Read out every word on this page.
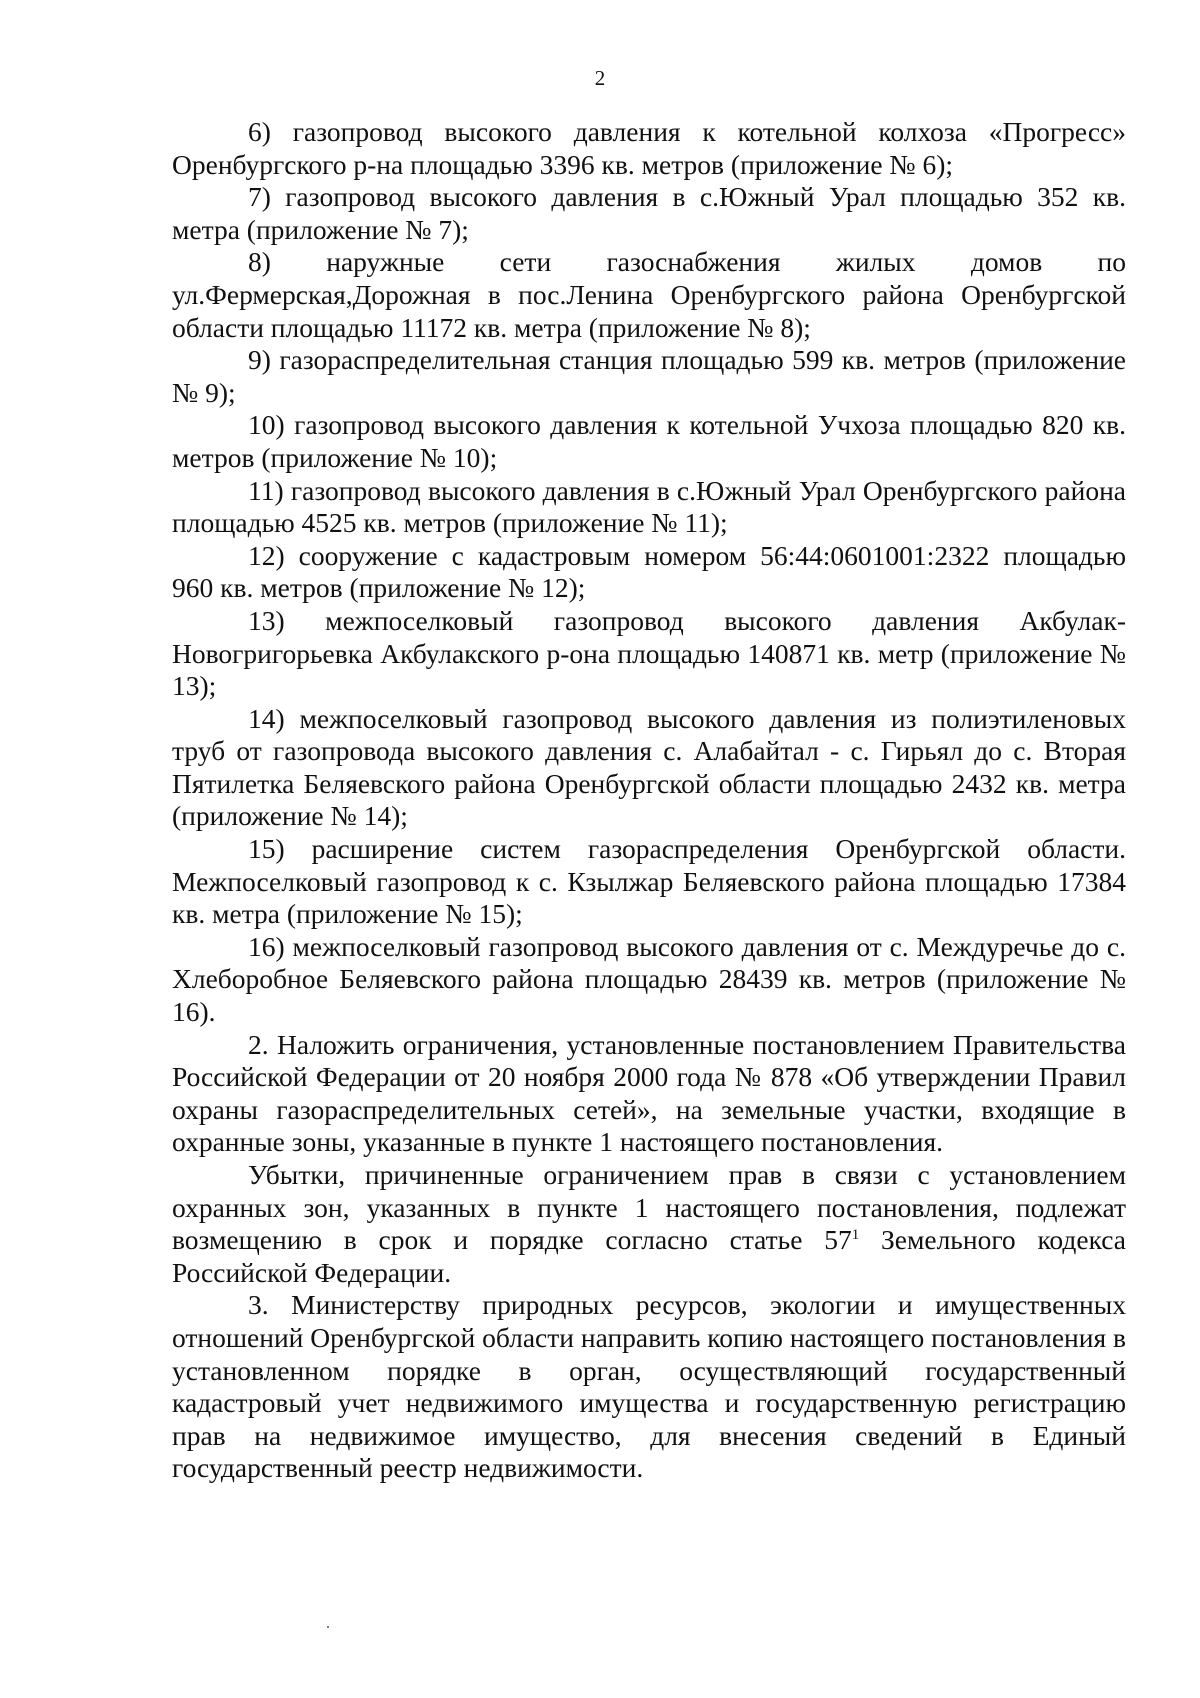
2

6) газопровод высокого давления к котельной колхоза «Прогресс» Оренбургского р-на площадью 3396 кв. метров (приложение № 6);

7) газопровод высокого давления в с.Южный Урал площадью 352 кв. метра (приложение № 7);

8) наружные сети газоснабжения жилых домов по ул.Фермерская,Дорожная в пос.Ленина Оренбургского района Оренбургской области площадью 11172 кв. метра (приложение № 8);

9) газораспределительная станция площадью 599 кв. метров (приложение № 9);

10) газопровод высокого давления к котельной Учхоза площадью 820 кв. метров (приложение № 10);

11) газопровод высокого давления в с.Южный Урал Оренбургского района площадью 4525 кв. метров (приложение № 11);

12) сооружение с кадастровым номером 56:44:0601001:2322 площадью 960 кв. метров (приложение № 12);

13) межпоселковый газопровод высокого давления Акбулак-Новогригорьевка Акбулакского р-она площадью 140871 кв. метр (приложение № 13);

14) межпоселковый газопровод высокого давления из полиэтиленовых труб от газопровода высокого давления с. Алабайтал - с. Гирьял до с. Вторая Пятилетка Беляевского района Оренбургской области площадью 2432 кв. метра (приложение № 14);

15) расширение систем газораспределения Оренбургской области. Межпоселковый газопровод к с. Кзылжар Беляевского района площадью 17384 кв. метра (приложение № 15);

16) межпоселковый газопровод высокого давления от с. Междуречье до с. Хлеборобное Беляевского района площадью 28439 кв. метров (приложение № 16).

2. Наложить ограничения, установленные постановлением Правительства Российской Федерации от 20 ноября 2000 года № 878 «Об утверждении Правил охраны газораспределительных сетей», на земельные участки, входящие в охранные зоны, указанные в пункте 1 настоящего постановления.

Убытки, причиненные ограничением прав в связи с установлением охранных зон, указанных в пункте 1 настоящего постановления, подлежат возмещению в срок и порядке согласно статье $57^1$ Земельного кодекса Российской Федерации.

3. Министерству природных ресурсов, экологии и имущественных отношений Оренбургской области направить копию настоящего постановления в установленном порядке в орган, осуществляющий государственный кадастровый учет недвижимого имущества и государственную регистрацию прав на недвижимое имущество, для внесения сведений в Единый государственный реестр недвижимости.
